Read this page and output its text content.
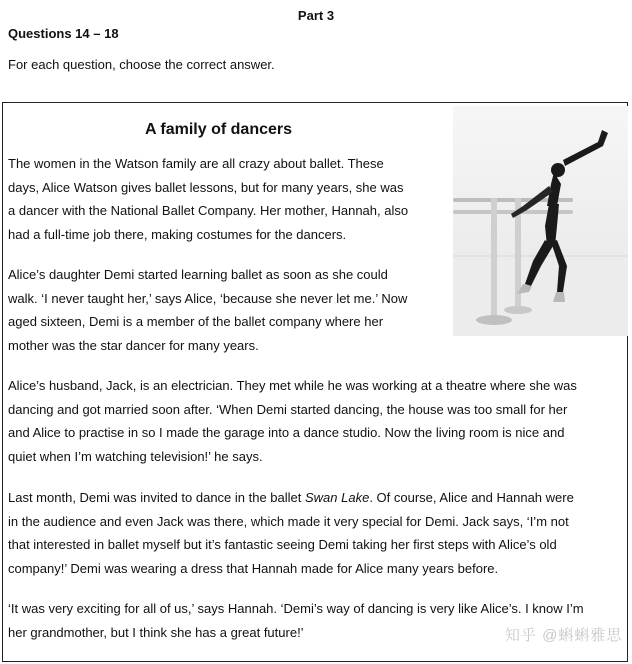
Part 3
Questions 14 – 18
For each question, choose the correct answer.
A family of dancers
The women in the Watson family are all crazy about ballet. These
days, Alice Watson gives ballet lessons, but for many years, she was
a dancer with the National Ballet Company. Her mother, Hannah, also
had a full-time job there, making costumes for the dancers.
Alice’s daughter Demi started learning ballet as soon as she could
walk. ‘I never taught her,’ says Alice, ‘because she never let me.’ Now
aged sixteen, Demi is a member of the ballet company where her
mother was the star dancer for many years.
Alice’s husband, Jack, is an electrician. They met while he was working at a theatre where she was
dancing and got married soon after. ‘When Demi started dancing, the house was too small for her
and Alice to practise in so I made the garage into a dance studio. Now the living room is nice and
quiet when I’m watching television!’ he says.
Last month, Demi was invited to dance in the ballet Swan Lake. Of course, Alice and Hannah were
in the audience and even Jack was there, which made it very special for Demi. Jack says, ‘I’m not
that interested in ballet myself but it’s fantastic seeing Demi taking her first steps with Alice’s old
company!’ Demi was wearing a dress that Hannah made for Alice many years before.
‘It was very exciting for all of us,’ says Hannah. ‘Demi’s way of dancing is very like Alice’s. I know I’m
her grandmother, but I think she has a great future!’	知乎 @蝌蝌雅思
